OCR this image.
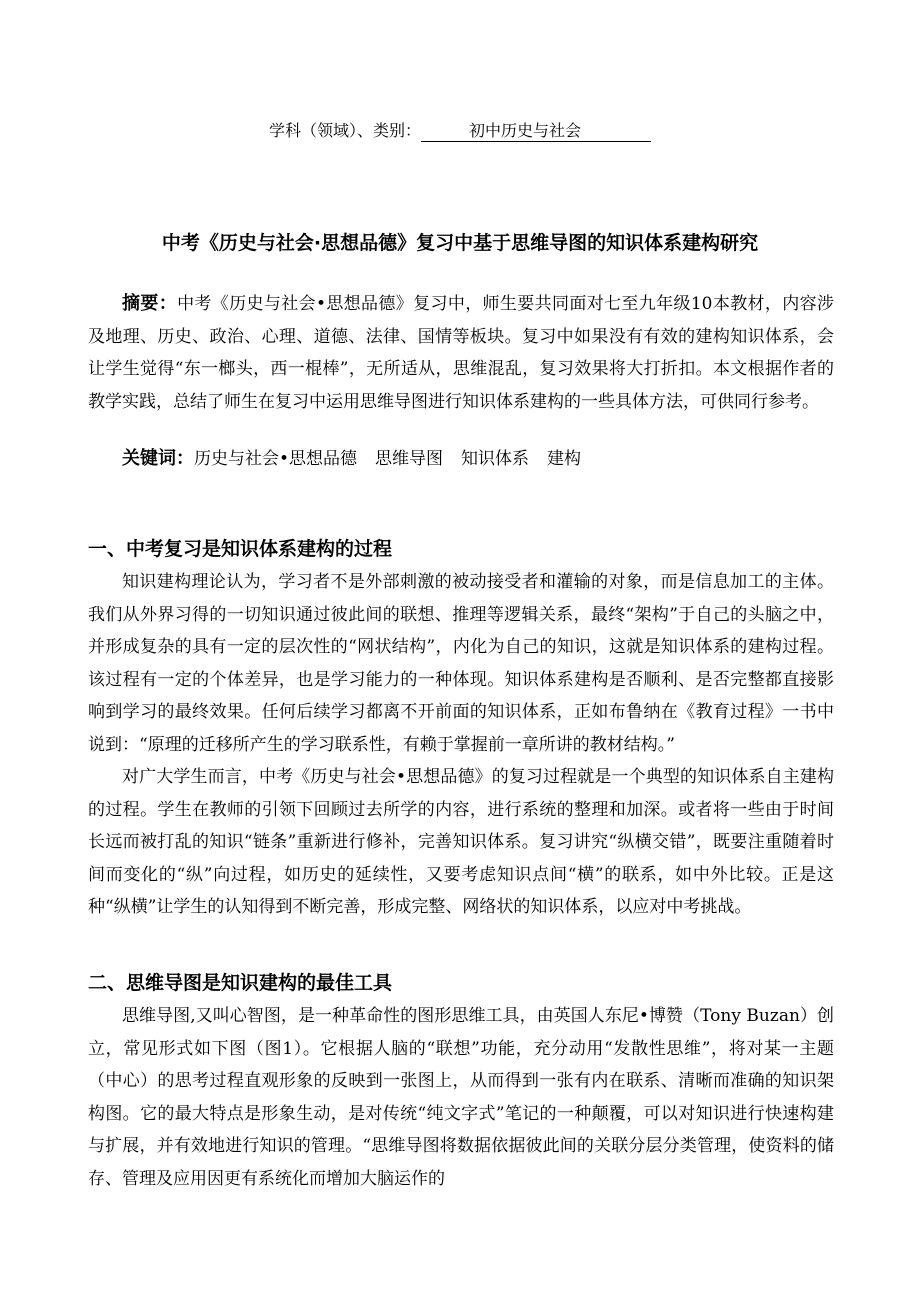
学科（领域）、类别：	初中历史与社会
中考《历史与社会·思想品德》复习中基于思维导图的知识体系建构研究

摘要：中考《历史与社会•思想品德》复习中，师生要共同面对七至九年级10本教材，内容涉及地理、历史、政治、心理、道德、法律、国情等板块。复习中如果没有有效的建构知识体系，会让学生觉得“东一榔头，西一棍棒”，无所适从，思维混乱，复习效果将大打折扣。本文根据作者的教学实践，总结了师生在复习中运用思维导图进行知识体系建构的一些具体方法，可供同行参考。

关键词：历史与社会•思想品德 思维导图 知识体系 建构

一、中考复习是知识体系建构的过程

知识建构理论认为，学习者不是外部刺激的被动接受者和灌输的对象，而是信息加工的主体。我们从外界习得的一切知识通过彼此间的联想、推理等逻辑关系，最终“架构”于自己的头脑之中，并形成复杂的具有一定的层次性的“网状结构”，内化为自己的知识，这就是知识体系的建构过程。该过程有一定的个体差异，也是学习能力的一种体现。知识体系建构是否顺利、是否完整都直接影响到学习的最终效果。任何后续学习都离不开前面的知识体系，正如布鲁纳在《教育过程》一书中说到：“原理的迁移所产生的学习联系性，有赖于掌握前一章所讲的教材结构。”

对广大学生而言，中考《历史与社会•思想品德》的复习过程就是一个典型的知识体系自主建构的过程。学生在教师的引领下回顾过去所学的内容，进行系统的整理和加深。或者将一些由于时间长远而被打乱的知识“链条”重新进行修补，完善知识体系。复习讲究“纵横交错”，既要注重随着时间而变化的“纵”向过程，如历史的延续性，又要考虑知识点间“横”的联系，如中外比较。正是这种“纵横”让学生的认知得到不断完善，形成完整、网络状的知识体系，以应对中考挑战。

二、思维导图是知识建构的最佳工具

思维导图,又叫心智图，是一种革命性的图形思维工具，由英国人东尼•博赞（Tony Buzan）创立，常见形式如下图（图1）。它根据人脑的“联想”功能，充分动用“发散性思维”，将对某一主题（中心）的思考过程直观形象的反映到一张图上，从而得到一张有内在联系、清晰而准确的知识架构图。它的最大特点是形象生动，是对传统“纯文字式”笔记的一种颠覆，可以对知识进行快速构建与扩展，并有效地进行知识的管理。“思维导图将数据依据彼此间的关联分层分类管理，使资料的储存、管理及应用因更有系统化而增加大脑运作的
